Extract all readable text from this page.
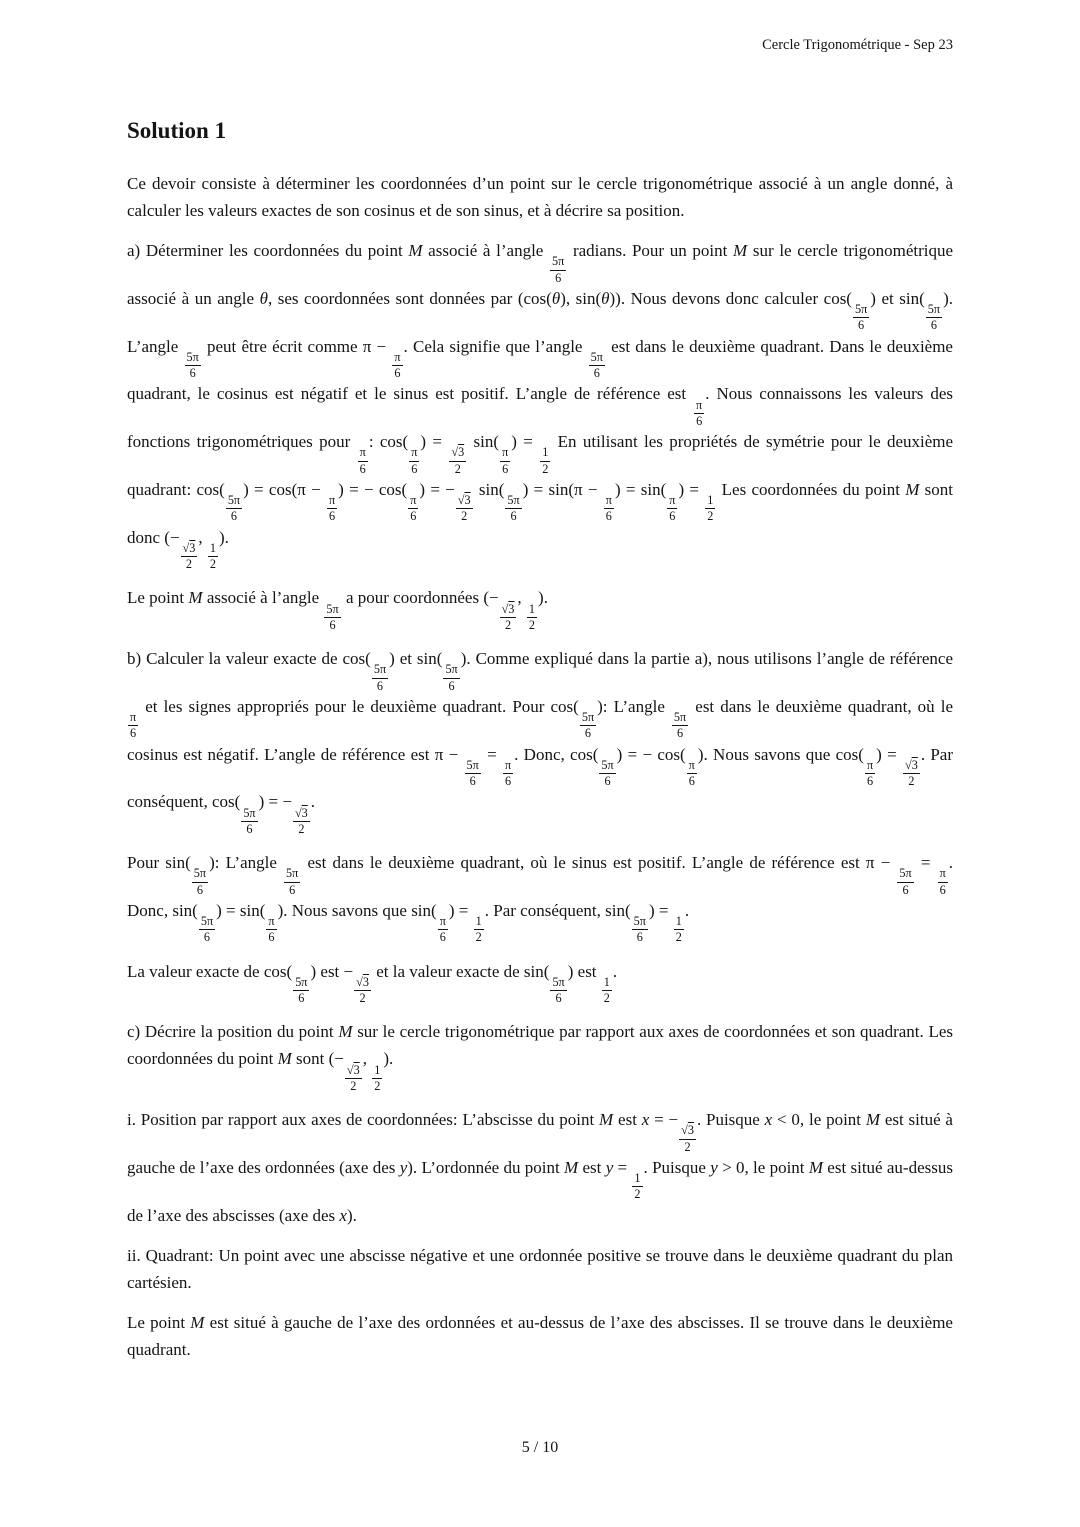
Cercle Trigonométrique - Sep 23
Solution 1

Ce devoir consiste à déterminer les coordonnées d’un point sur le cercle trigonométrique associé à un angle donné, à calculer les valeurs exactes de son cosinus et de son sinus, et à décrire sa position.

a) Déterminer les coordonnées du point M associé à l’angle
$\frac{5\pi}{6}$
radians. Pour un point M sur le cercle trigonométrique associé à un angle θ, ses coordonnées sont données par (cos(θ), sin(θ)). Nous devons donc calculer cos(
$\frac{5\pi}{6}$
) et sin(
$\frac{5\pi}{6}$
). L’angle
$\frac{5\pi}{6}$
peut être écrit comme π −
$\frac{\pi}{6}$
. Cela signifie que l’angle
$\frac{5\pi}{6}$
est dans le deuxième quadrant. Dans le deuxième quadrant, le cosinus est négatif et le sinus est positif. L’angle de référence est
$\frac{\pi}{6}$
. Nous connaissons les valeurs des fonctions trigonométriques pour
$\frac{\pi}{6}$
: cos(
$\frac{\pi}{6}$
) =
$\frac{√3}{2}$
sin(
$\frac{\pi}{6}$
) =
$\frac{1}{2}$
En utilisant les propriétés de symétrie pour le deuxième quadrant: cos(
$\frac{5\pi}{6}$
) = cos(π −
$\frac{\pi}{6}$
) = − cos(
$\frac{\pi}{6}$
) = −
$\frac{√3}{2}$
sin(
$\frac{5\pi}{6}$
) = sin(π −
$\frac{\pi}{6}$
) = sin(
$\frac{\pi}{6}$
) =
$\frac{1}{2}$
Les coordonnées du point M sont donc (−
$\frac{√3}{2}$
,
$\frac{1}{2}$
).

Le point M associé à l’angle
$\frac{5\pi}{6}$
a pour coordonnées (−
$\frac{√3}{2}$
,
$\frac{1}{2}$
).

b) Calculer la valeur exacte de cos(
$\frac{5\pi}{6}$
) et sin(
$\frac{5\pi}{6}$
). Comme expliqué dans la partie a), nous utilisons l’angle de référence
$\frac{\pi}{6}$
et les signes appropriés pour le deuxième quadrant. Pour cos(
$\frac{5\pi}{6}$
): L’angle
$\frac{5\pi}{6}$
est dans le deuxième quadrant, où le cosinus est négatif. L’angle de référence est π −
$\frac{5\pi}{6}$
=
$\frac{\pi}{6}$
. Donc, cos(
$\frac{5\pi}{6}$
) = − cos(
$\frac{\pi}{6}$
). Nous savons que cos(
$\frac{\pi}{6}$
) =
$\frac{√3}{2}$
. Par conséquent, cos(
$\frac{5\pi}{6}$
) = −
$\frac{√3}{2}$
.

Pour sin(
$\frac{5\pi}{6}$
): L’angle
$\frac{5\pi}{6}$
est dans le deuxième quadrant, où le sinus est positif. L’angle de référence est π −
$\frac{5\pi}{6}$
=
$\frac{\pi}{6}$
. Donc, sin(
$\frac{5\pi}{6}$
) = sin(
$\frac{\pi}{6}$
). Nous savons que sin(
$\frac{\pi}{6}$
) =
$\frac{1}{2}$
. Par conséquent, sin(
$\frac{5\pi}{6}$
) =
$\frac{1}{2}$
.

La valeur exacte de cos(
$\frac{5\pi}{6}$
) est −
$\frac{√3}{2}$
et la valeur exacte de sin(
$\frac{5\pi}{6}$
) est
$\frac{1}{2}$
.

c) Décrire la position du point M sur le cercle trigonométrique par rapport aux axes de coordonnées et son quadrant. Les coordonnées du point M sont (−
$\frac{√3}{2}$
,
$\frac{1}{2}$
).

i. Position par rapport aux axes de coordonnées: L’abscisse du point M est x = −
$\frac{√3}{2}$
. Puisque x < 0, le point M est situé à gauche de l’axe des ordonnées (axe des y). L’ordonnée du point M est y =
$\frac{1}{2}$
. Puisque y > 0, le point M est situé au-dessus de l’axe des abscisses (axe des x).

ii. Quadrant: Un point avec une abscisse négative et une ordonnée positive se trouve dans le deuxième quadrant du plan cartésien.

Le point M est situé à gauche de l’axe des ordonnées et au-dessus de l’axe des abscisses. Il se trouve dans le deuxième quadrant.

5 / 10
